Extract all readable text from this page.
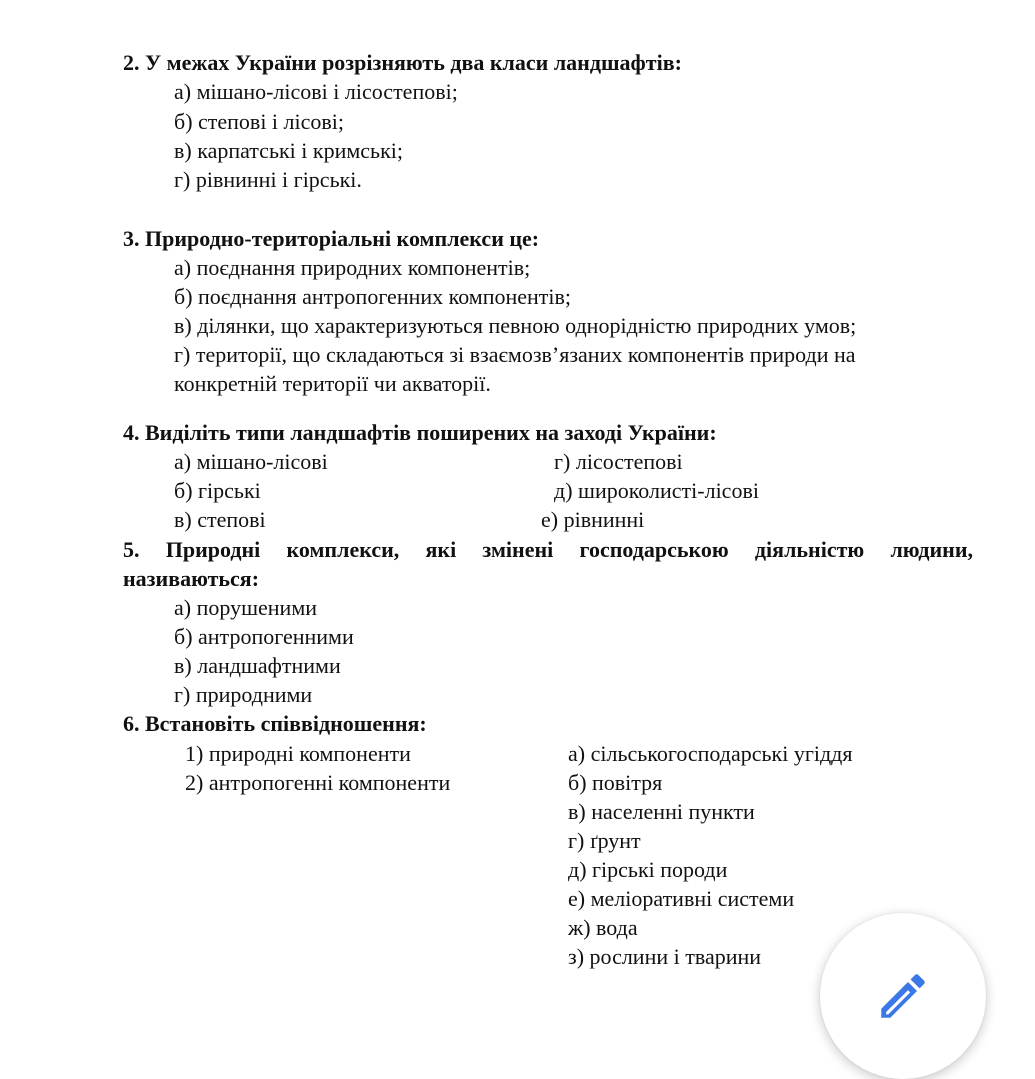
2. У межах України розрізняють два класи ландшафтів:
а) мішано-лісові і лісостепові;
б) степові і лісові;
в) карпатські і кримські;
г) рівнинні і гірські.
3. Природно-територіальні комплекси це:
а) поєднання природних компонентів;
б) поєднання антропогенних компонентів;
в) ділянки, що характеризуються певною однорідністю природних умов;
г) території, що складаються зі взаємозв’язаних компонентів природи на
конкретній території чи акваторії.
4. Виділіть типи ландшафтів поширених на заході України:
а) мішано-лісові
б) гірські
в) степові
г) лісостепові
д) широколисті-лісові
е) рівнинні
5. Природні комплекси, які змінені господарською діяльністю людини,
називаються:
а) порушеними
б) антропогенними
в) ландшафтними
г) природними
6. Встановіть співвідношення:
1) природні компоненти
2) антропогенні компоненти
а) сільськогосподарські угіддя
б) повітря
в) населенні пункти
г) ґрунт
д) гірські породи
е) меліоративні системи
ж) вода
з) рослини і тварини
